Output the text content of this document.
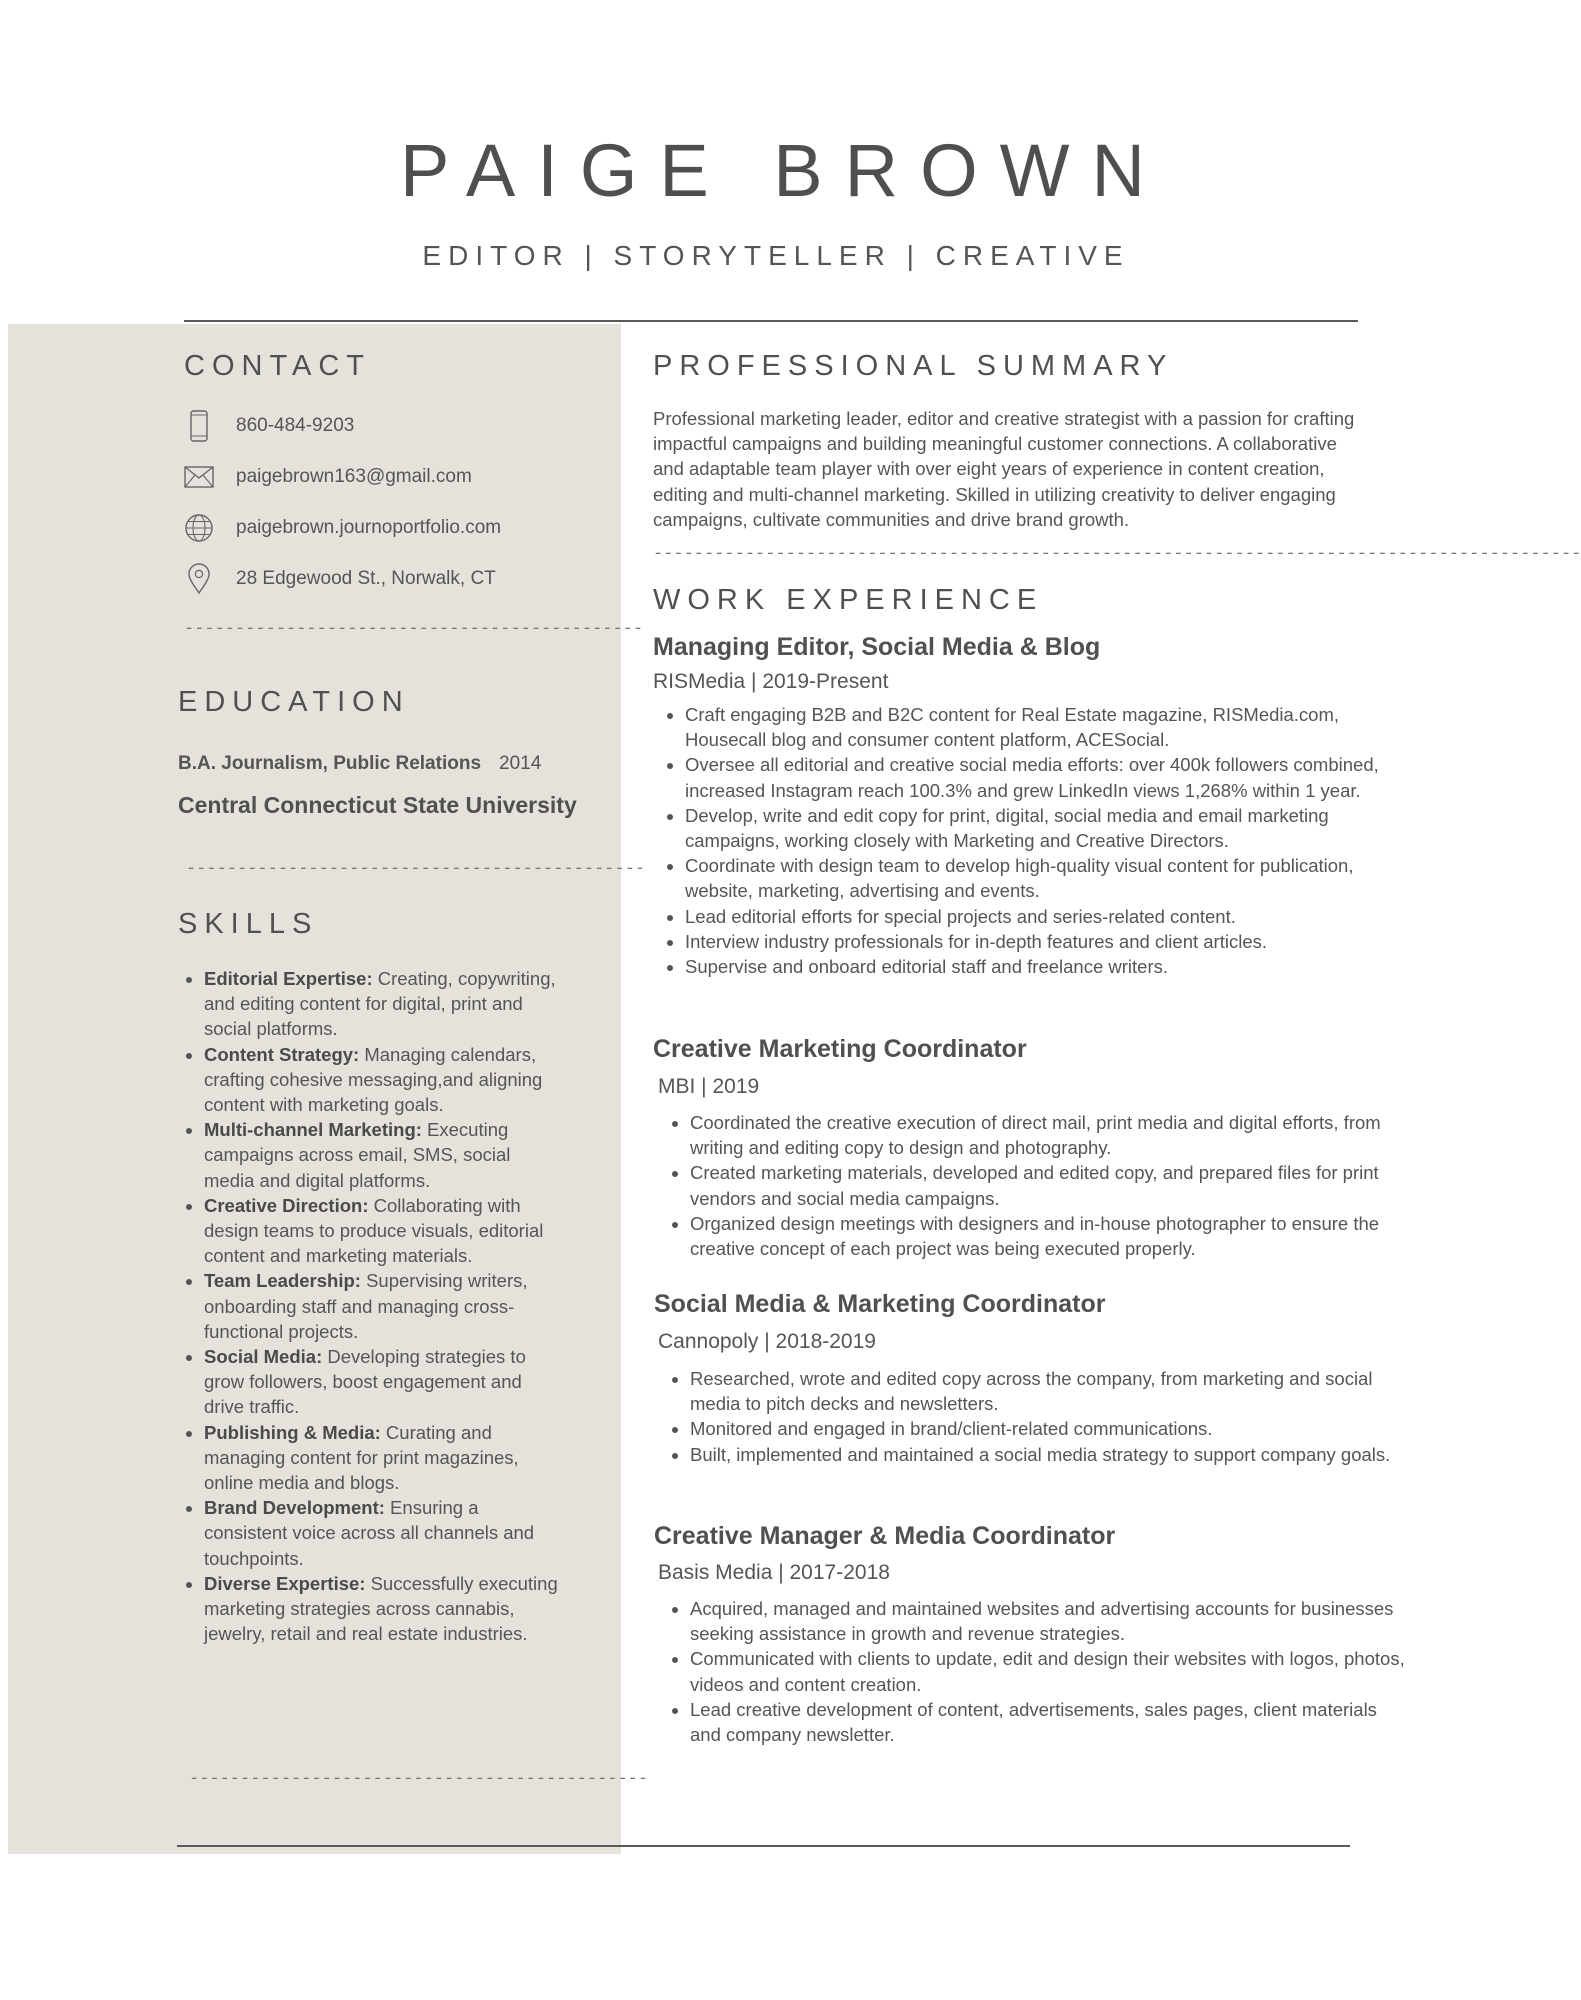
PAIGE BROWN
EDITOR | STORYTELLER | CREATIVE
CONTACT
860-484-9203
paigebrown163@gmail.com
paigebrown.journoportfolio.com
28 Edgewood St., Norwalk, CT
---------------------------------------------
EDUCATION
B.A. Journalism, Public Relations 2014
Central Connecticut State University
---------------------------------------------
SKILLS
• Editorial Expertise: Creating, copywriting, and editing content for digital, print and social platforms.
• Content Strategy: Managing calendars, crafting cohesive messaging,and aligning content with marketing goals.
• Multi-channel Marketing: Executing campaigns across email, SMS, social media and digital platforms.
• Creative Direction: Collaborating with design teams to produce visuals, editorial content and marketing materials.
• Team Leadership: Supervising writers, onboarding staff and managing cross-functional projects.
• Social Media: Developing strategies to grow followers, boost engagement and drive traffic.
• Publishing & Media: Curating and managing content for print magazines, online media and blogs.
• Brand Development: Ensuring a consistent voice across all channels and touchpoints.
• Diverse Expertise: Successfully executing marketing strategies across cannabis, jewelry, retail and real estate industries.
---------------------------------------------
PROFESSIONAL SUMMARY
Professional marketing leader, editor and creative strategist with a passion for crafting impactful campaigns and building meaningful customer connections. A collaborative and adaptable team player with over eight years of experience in content creation, editing and multi-channel marketing. Skilled in utilizing creativity to deliver engaging campaigns, cultivate communities and drive brand growth.
-------------------------------------------------------------------------------------------
WORK EXPERIENCE
Managing Editor, Social Media & Blog
RISMedia | 2019-Present
• Craft engaging B2B and B2C content for Real Estate magazine, RISMedia.com, Housecall blog and consumer content platform, ACESocial.
• Oversee all editorial and creative social media efforts: over 400k followers combined, increased Instagram reach 100.3% and grew LinkedIn views 1,268% within 1 year.
• Develop, write and edit copy for print, digital, social media and email marketing campaigns, working closely with Marketing and Creative Directors.
• Coordinate with design team to develop high-quality visual content for publication, website, marketing, advertising and events.
• Lead editorial efforts for special projects and series-related content.
• Interview industry professionals for in-depth features and client articles.
• Supervise and onboard editorial staff and freelance writers.
Creative Marketing Coordinator
MBI | 2019
• Coordinated the creative execution of direct mail, print media and digital efforts, from writing and editing copy to design and photography.
• Created marketing materials, developed and edited copy, and prepared files for print vendors and social media campaigns.
• Organized design meetings with designers and in-house photographer to ensure the creative concept of each project was being executed properly.
Social Media & Marketing Coordinator
Cannopoly | 2018-2019
• Researched, wrote and edited copy across the company, from marketing and social media to pitch decks and newsletters.
• Monitored and engaged in brand/client-related communications.
• Built, implemented and maintained a social media strategy to support company goals.
Creative Manager & Media Coordinator
Basis Media | 2017-2018
• Acquired, managed and maintained websites and advertising accounts for businesses seeking assistance in growth and revenue strategies.
• Communicated with clients to update, edit and design their websites with logos, photos, videos and content creation.
• Lead creative development of content, advertisements, sales pages, client materials and company newsletter.
